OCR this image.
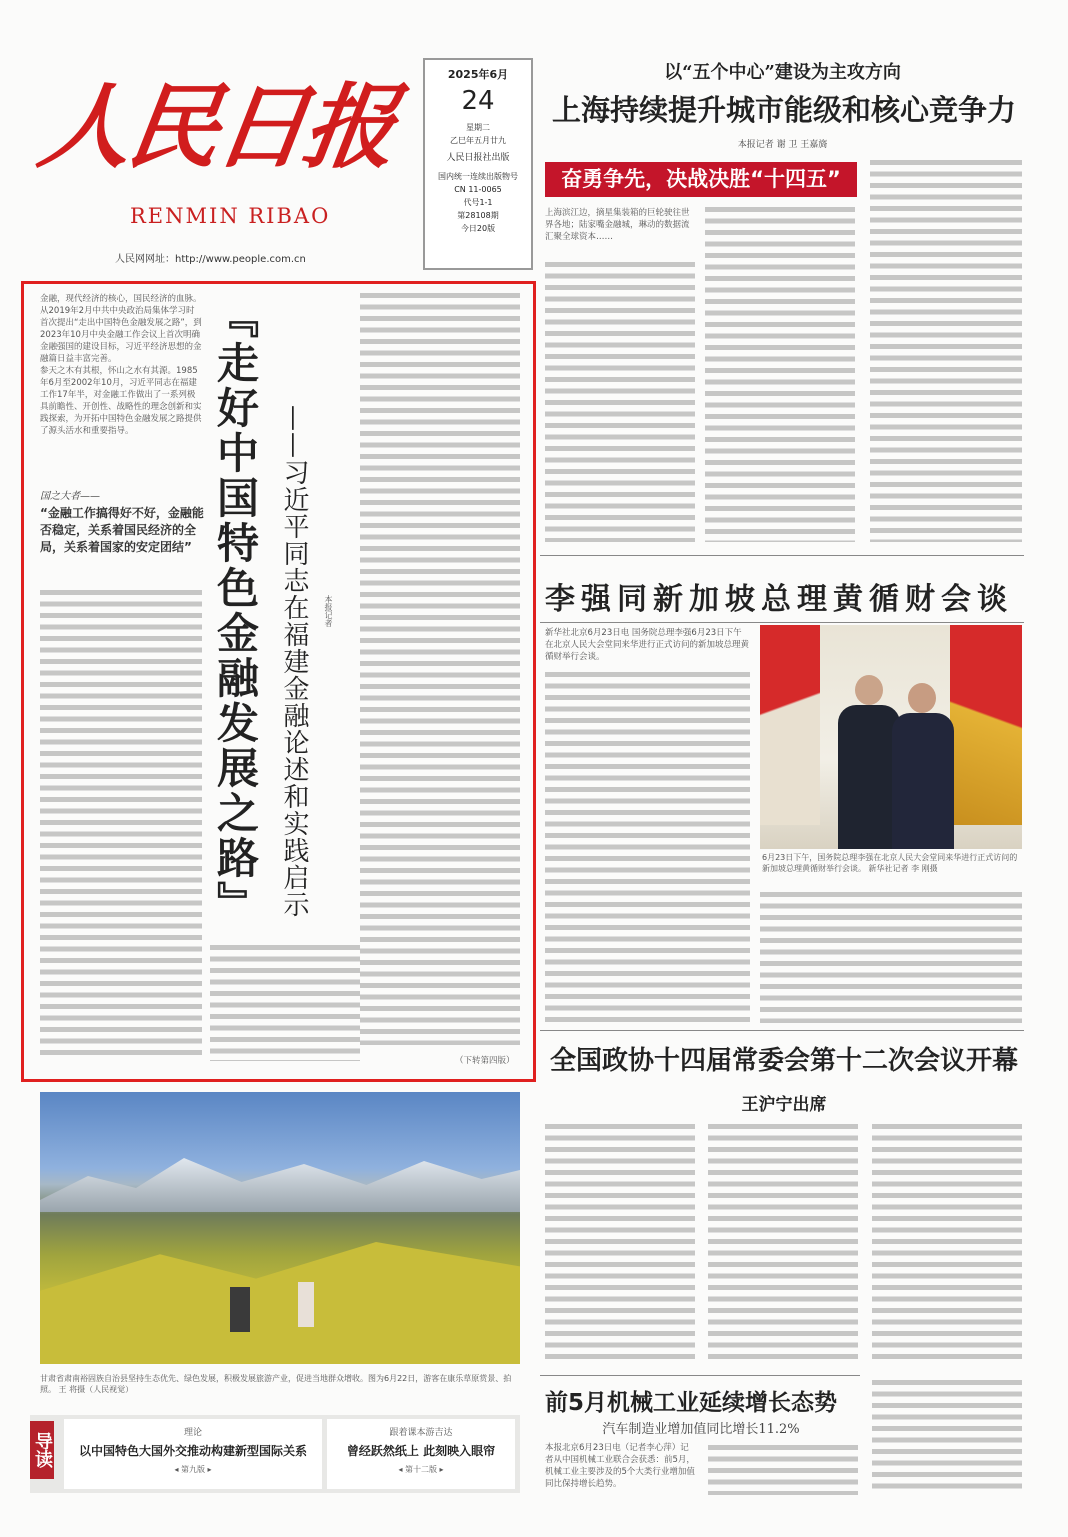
人民日报
RENMIN RIBAO
人民网网址：http://www.people.com.cn
2025年6月
24
星期二
乙巳年五月廿九
人民日报社出版
国内统一连续出版物号
CN 11-0065
代号1-1
第28108期
今日20版
以“五个中心”建设为主攻方向
上海持续提升城市能级和核心竞争力
本报记者 谢 卫 王嘉旖
奋勇争先，决战决胜“十四五”
上海滨江边，摘星集装箱的巨轮驶往世界各地；陆家嘴金融城，琳动的数据流汇聚全球资本……
金融，现代经济的核心，国民经济的血脉。从2019年2月中共中央政治局集体学习时首次提出“走出中国特色金融发展之路”，到2023年10月中央金融工作会议上首次明确金融强国的建设目标，习近平经济思想的金融篇日益丰富完善。
参天之木有其根，怀山之水有其源。1985年6月至2002年10月，习近平同志在福建工作17年半，对金融工作做出了一系列极具前瞻性、开创性、战略性的理念创新和实践探索，为开拓中国特色金融发展之路提供了源头活水和重要指导。
国之大者——
“金融工作搞得好不好，金融能否稳定，关系着国民经济的全局，关系着国家的安定团结” 『走好中国特色金融发展之路』 ——习近平同志在福建金融论述和实践启示 本报记者
（下转第四版）
李强同新加坡总理黄循财会谈
新华社北京6月23日电 国务院总理李强6月23日下午在北京人民大会堂同来华进行正式访问的新加坡总理黄循财举行会谈。
6月23日下午，国务院总理李强在北京人民大会堂同来华进行正式访问的新加坡总理黄循财举行会谈。 新华社记者 李 刚摄
全国政协十四届常委会第十二次会议开幕
王沪宁出席
甘肃省肃南裕固族自治县坚持生态优先、绿色发展，积极发展旅游产业，促进当地群众增收。图为6月22日，游客在康乐草原赏景、拍照。 王 将摄（人民视觉）
导读	理论
以中国特色大国外交推动构建新型国际关系
◂ 第九版 ▸
跟着课本游吉达
曾经跃然纸上 此刻映入眼帘
◂ 第十二版 ▸
前5月机械工业延续增长态势
汽车制造业增加值同比增长11.2%
本报北京6月23日电（记者李心萍）记者从中国机械工业联合会获悉：前5月，机械工业主要涉及的5个大类行业增加值同比保持增长趋势。
